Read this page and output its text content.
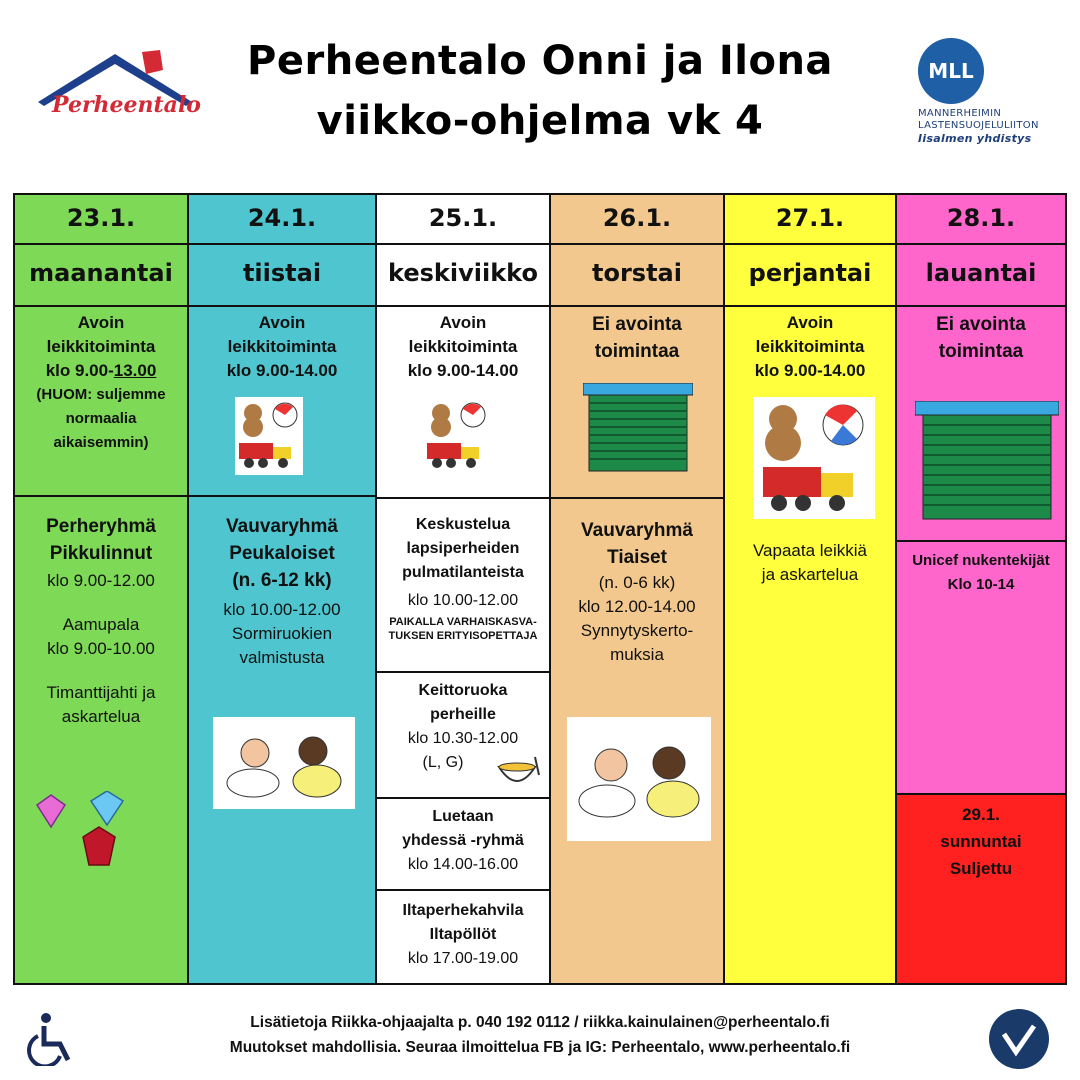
Perheentalo
Perheentalo Onni ja Ilona
viikko-ohjelma vk 4
MLL
MANNERHEIMIN
LASTENSUOJELULIITON
Iisalmen yhdistys
23.1.
maanantai
Avoin
leikkitoiminta
klo 9.00-13.00
(HUOM: suljemme
normaalia
aikaisemmin)
Perheryhmä
Pikkulinnut
klo 9.00-12.00
Aamupala
klo 9.00-10.00
Timanttijahti ja
askartelua
24.1.
tiistai
Avoin
leikkitoiminta
klo 9.00-14.00
Vauvaryhmä
Peukaloiset
(n. 6-12 kk)
klo 10.00-12.00
Sormiruokien
valmistusta
25.1.
keskiviikko
Avoin
leikkitoiminta
klo 9.00-14.00
Keskustelua
lapsiperheiden
pulmatilanteista
klo 10.00-12.00
PAIKALLA VARHAISKASVA-
TUKSEN ERITYISOPETTAJA
Keittoruoka
perheille
klo 10.30-12.00
(L, G)
Luetaan
yhdessä -ryhmä
klo 14.00-16.00
Iltaperhekahvila
Iltapöllöt
klo 17.00-19.00
26.1.
torstai
Ei avointa
toimintaa
Vauvaryhmä
Tiaiset
(n. 0-6 kk)
klo 12.00-14.00
Synnytyskerto-
muksia
27.1.
perjantai
Avoin
leikkitoiminta
klo 9.00-14.00
Vapaata leikkiä
ja askartelua
28.1.
lauantai
Ei avointa
toimintaa
Unicef nukentekijät
Klo 10-14
29.1.
sunnuntai
Suljettu
Lisätietoja Riikka-ohjaajalta p. 040 192 0112 / riikka.kainulainen@perheentalo.fi
Muutokset mahdollisia. Seuraa ilmoittelua FB ja IG: Perheentalo, www.perheentalo.fi
